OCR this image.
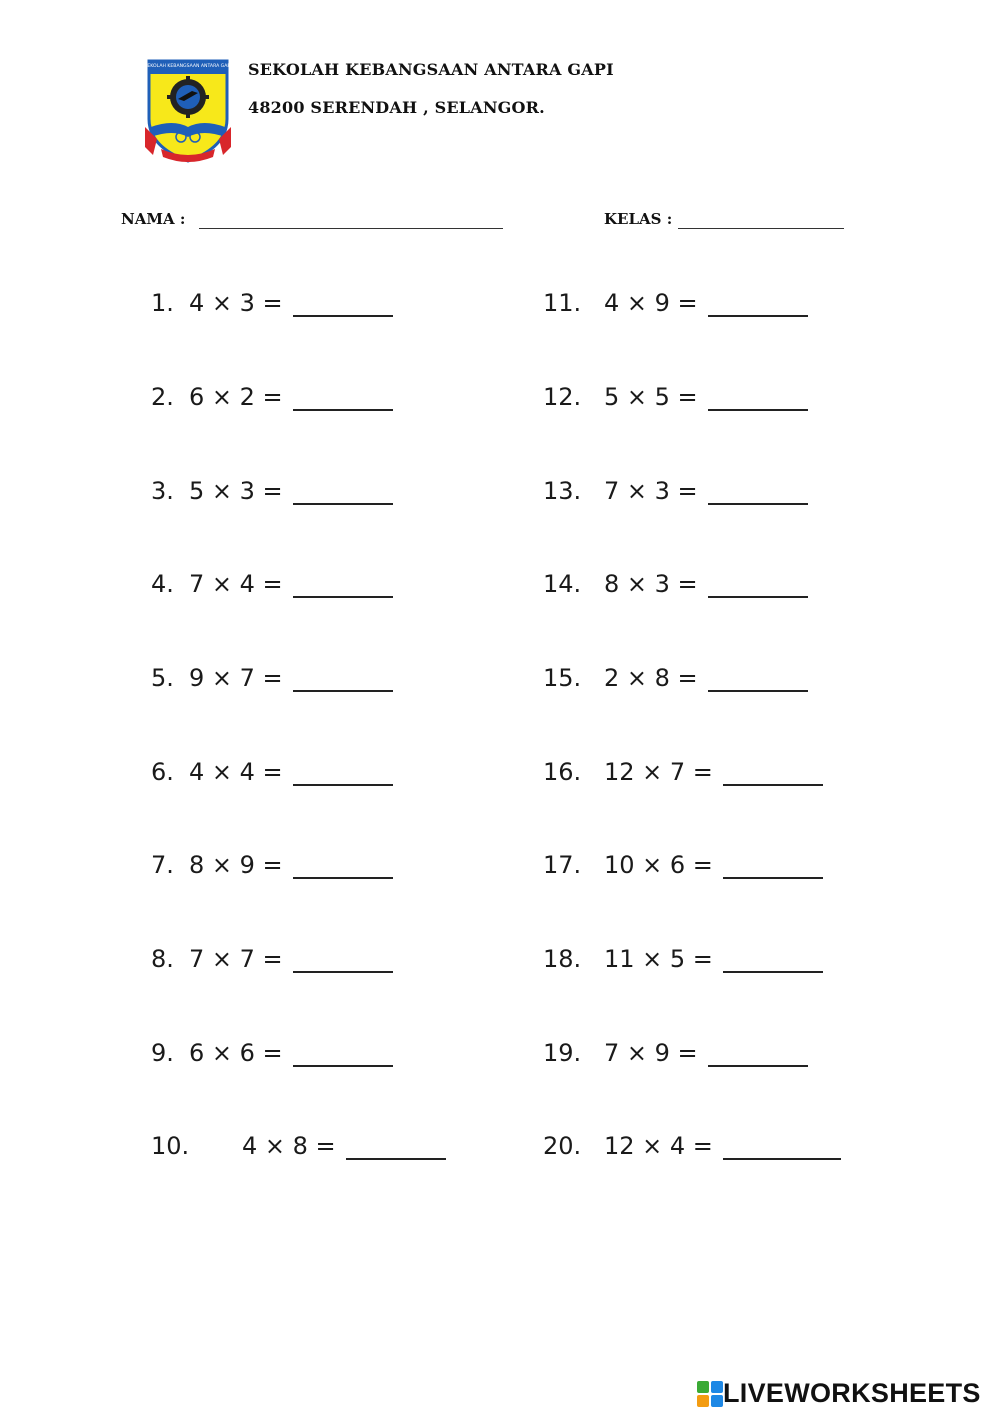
SEKOLAH KEBANGSAAN ANTARA GAPI SEKOLAH KEBANGSAAN ANTARA GAPI
48200 SERENDAH , SELANGOR.
NAMA :	KELAS :
1. 4 × 3 =
2. 6 × 2 =
3. 5 × 3 =
4. 7 × 4 =
5. 9 × 7 =
6. 4 × 4 =
7. 8 × 9 =
8. 7 × 7 =
9. 6 × 6 =
10. 4 × 8 =
11. 4 × 9 =
12. 5 × 5 =
13. 7 × 3 =
14. 8 × 3 =
15. 2 × 8 =
16. 12 × 7 =
17. 10 × 6 =
18. 11 × 5 =
19. 7 × 9 =
20. 12 × 4 =
LIVEWORKSHEETS
